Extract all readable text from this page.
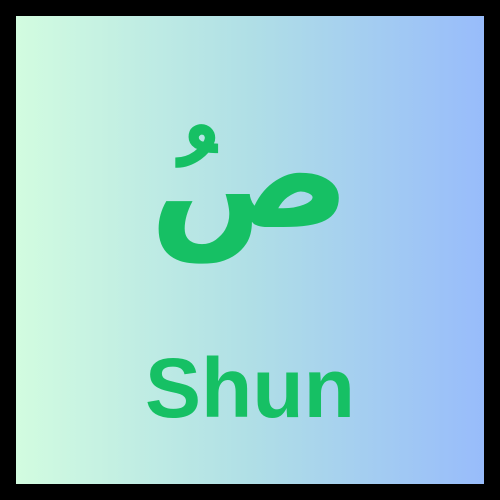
صُ
Shun
